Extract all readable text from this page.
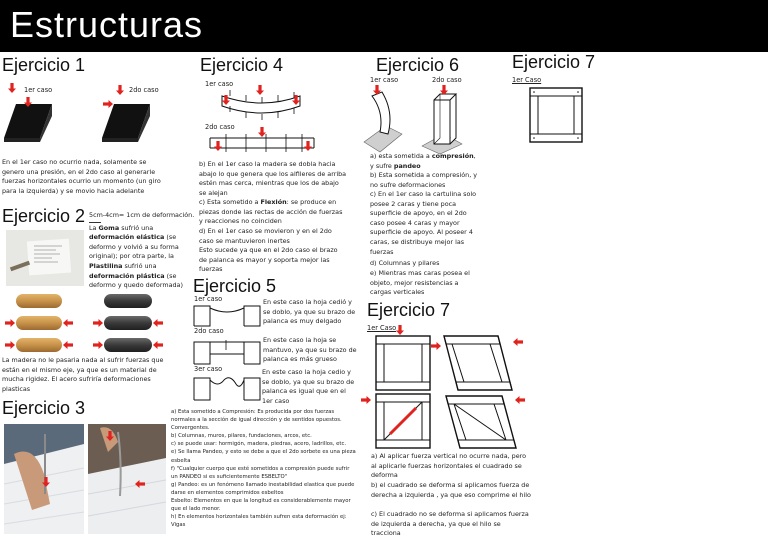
Estructuras
Ejercicio 1
1er caso	2do caso
En el 1er caso no ocurrio nada, solamente se genero una presión, en el 2do caso al generarle fuerzas horizontales ocurrio un momento (un giro para la izquierda) y se movio hacia adelante
Ejercicio 2 5cm-4cm= 1cm de deformación.
La Goma sufrió una deformación elástica (se deformo y volvió a su forma original); por otra parte, la Plastilina sufrió una deformación plástica (se deformo y quedo deformada)
La madera no le pasaria nada al sufrir fuerzas que están en el mismo eje, ya que es un material de mucha rigidez. El acero sufriría deformaciones plasticas
Ejercicio 3
Ejercicio 4
1er caso
2do caso
b) En el 1er caso la madera se dobla hacia abajo lo que genera que los alfileres de arriba estén mas cerca, mientras que los de abajo se alejan
c) Esta sometido a Flexión: se produce en piezas donde las rectas de acción de fuerzas y reacciones no coinciden
d) En el 1er caso se movieron y en el 2do caso se mantuvieron inertes
Esto sucede ya que en el 2do caso el brazo de palanca es mayor y soporta mejor las fuerzas
Ejercicio 5
1er caso
2do caso
3er caso
En este caso la hoja cedió y se doblo, ya que su brazo de palanca es muy delgado
En este caso la hoja se mantuvo, ya que su brazo de palanca es más grueso
En este caso la hoja cedio y se doblo, ya que su brazo de palanca es igual que en el 1er caso
a) Esta sometido a Compresión: Es producida por dos fuerzas normales a la sección de igual dirección y de sentidos opuestos. Convergentes.
b) Columnas, muros, pilares, fundaciones, arcos, etc.
c) se puede usar: hormigón, madera, piedras, acero, ladrillos, etc.
e) Se llama Pandeo, y esto se debe a que el 2do sorbete es una pieza esbelta
f) "Cualquier cuerpo que esté sometidos a compresión puede sufrir un PANDEO si es suficientemente ESBELTO"
g) Pandeo: es un fenómeno llamado inestabilidad elastica que puede darse en elementos comprimidos esbeltos
Esbelto: Elementos en que la longitud es considerablemente mayor que el lado menor.
h) En elementos horizontales también sufren esta deformación ej: Vigas
Ejercicio 6
1er caso	2do caso
a) esta sometida a compresión, y sufre pandeo
b) Esta sometida a compresión, y no sufre deformaciones
c) En el 1er caso la cartulina solo posee 2 caras y tiene poca superficie de apoyo, en el 2do caso posee 4 caras y mayor superficie de apoyo. Al poseer 4 caras, se distribuye mejor las fuerzas
d) Columnas y pilares
e) Mientras mas caras posea el objeto, mejor resistencias a cargas verticales
Ejercicio 7
1er Caso
Ejercicio 7
1er Caso
a) Al aplicar fuerza vertical no ocurre nada, pero al aplicarle fuerzas horizontales el cuadrado se deforma
b) el cuadrado se deforma si aplicamos fuerza de derecha a izquierda , ya que eso comprime el hilo
c) El cuadrado no se deforma si aplicamos fuerza de izquierda a derecha, ya que el hilo se tracciona
